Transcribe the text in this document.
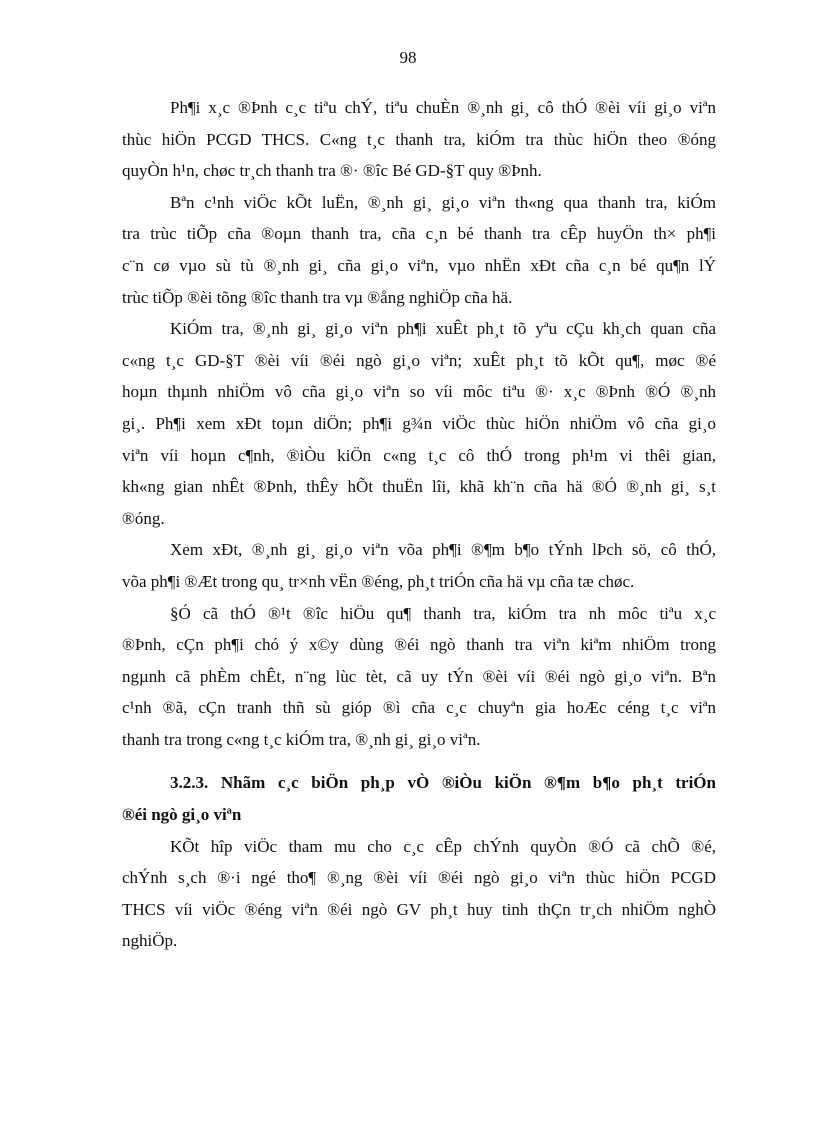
98
Ph¶i x¸c ®Þnh c¸c tiªu chÝ, tiªu chuÈn ®¸nh gi¸ cô thÓ ®èi víi gi¸o viªn
thùc hiÖn PCGD THCS. C«ng t¸c thanh tra, kiÓm tra thùc hiÖn theo ®óng
quyÒn h¹n, chøc tr¸ch thanh tra ®· ®îc Bé GD-§T quy ®Þnh.
Bªn c¹nh viÖc kÕt luËn, ®¸nh gi¸ gi¸o viªn th«ng qua thanh tra, kiÓm
tra trùc tiÕp cña ®oµn thanh tra, cña c¸n bé thanh tra cÊp huyÖn th× ph¶i
c¨n cø vµo sù tù ®¸nh gi¸ cña gi¸o viªn, vµo nhËn xÐt cña c¸n bé qu¶n lÝ
trùc tiÕp ®èi tõng ®îc thanh tra vµ ®ång nghiÖp cña hä.
KiÓm tra, ®¸nh gi¸ gi¸o viªn ph¶i xuÊt ph¸t tõ yªu cÇu kh¸ch quan cña
c«ng t¸c GD-§T ®èi víi ®éi ngò gi¸o viªn; xuÊt ph¸t tõ kÕt qu¶, møc ®é
hoµn thµnh nhiÖm vô cña gi¸o viªn so víi môc tiªu ®· x¸c ®Þnh ®Ó ®¸nh
gi¸. Ph¶i xem xÐt toµn diÖn; ph¶i g¾n viÖc thùc hiÖn nhiÖm vô cña gi¸o
viªn víi hoµn c¶nh, ®iÒu kiÖn c«ng t¸c cô thÓ trong ph¹m vi thêi gian,
kh«ng gian nhÊt ®Þnh, thÊy hÕt thuËn lîi, khã kh¨n cña hä ®Ó ®¸nh gi¸ s¸t
®óng.
Xem xÐt, ®¸nh gi¸ gi¸o viªn võa ph¶i ®¶m b¶o tÝnh lÞch sö, cô thÓ,
võa ph¶i ®Æt trong qu¸ tr×nh vËn ®éng, ph¸t triÓn cña hä vµ cña tæ chøc.
§Ó cã thÓ ®¹t ®îc hiÖu qu¶ thanh tra, kiÓm tra nh môc tiªu x¸c
®Þnh, cÇn ph¶i chó ý x©y dùng ®éi ngò thanh tra viªn kiªm nhiÖm trong
ngµnh cã phÈm chÊt, n¨ng lùc tèt, cã uy tÝn ®èi víi ®éi ngò gi¸o viªn. Bªn
c¹nh ®ã, cÇn tranh thñ sù gióp ®ì cña c¸c chuyªn gia hoÆc céng t¸c viªn
thanh tra trong c«ng t¸c kiÓm tra, ®¸nh gi¸ gi¸o viªn.
3.2.3. Nhãm c¸c biÖn ph¸p vÒ ®iÒu kiÖn ®¶m b¶o ph¸t triÓn
®éi ngò gi¸o viªn
KÕt hîp viÖc tham mu cho c¸c cÊp chÝnh quyÒn ®Ó cã chÕ ®é,
chÝnh s¸ch ®·i ngé tho¶ ®¸ng ®èi víi ®éi ngò gi¸o viªn thùc hiÖn PCGD
THCS víi viÖc ®éng viªn ®éi ngò GV ph¸t huy tinh thÇn tr¸ch nhiÖm nghÒ
nghiÖp.
